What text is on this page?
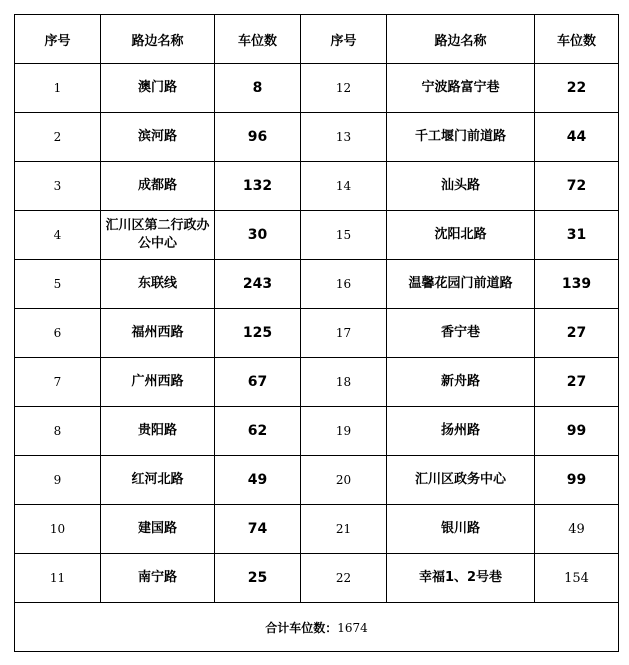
序号	路边名称	车位数	序号	路边名称	车位数
1	澳门路	8	12	宁波路富宁巷	22
2	滨河路	96	13	千工堰门前道路	44
3	成都路	132	14	汕头路	72
4	汇川区第二行政办公中心	30	15	沈阳北路	31
5	东联线	243	16	温馨花园门前道路	139
6	福州西路	125	17	香宁巷	27
7	广州西路	67	18	新舟路	27
8	贵阳路	62	19	扬州路	99
9	红河北路	49	20	汇川区政务中心	99
10	建国路	74	21	银川路	49
11	南宁路	25	22	幸福1、2号巷	154
合计车位数：1674					
